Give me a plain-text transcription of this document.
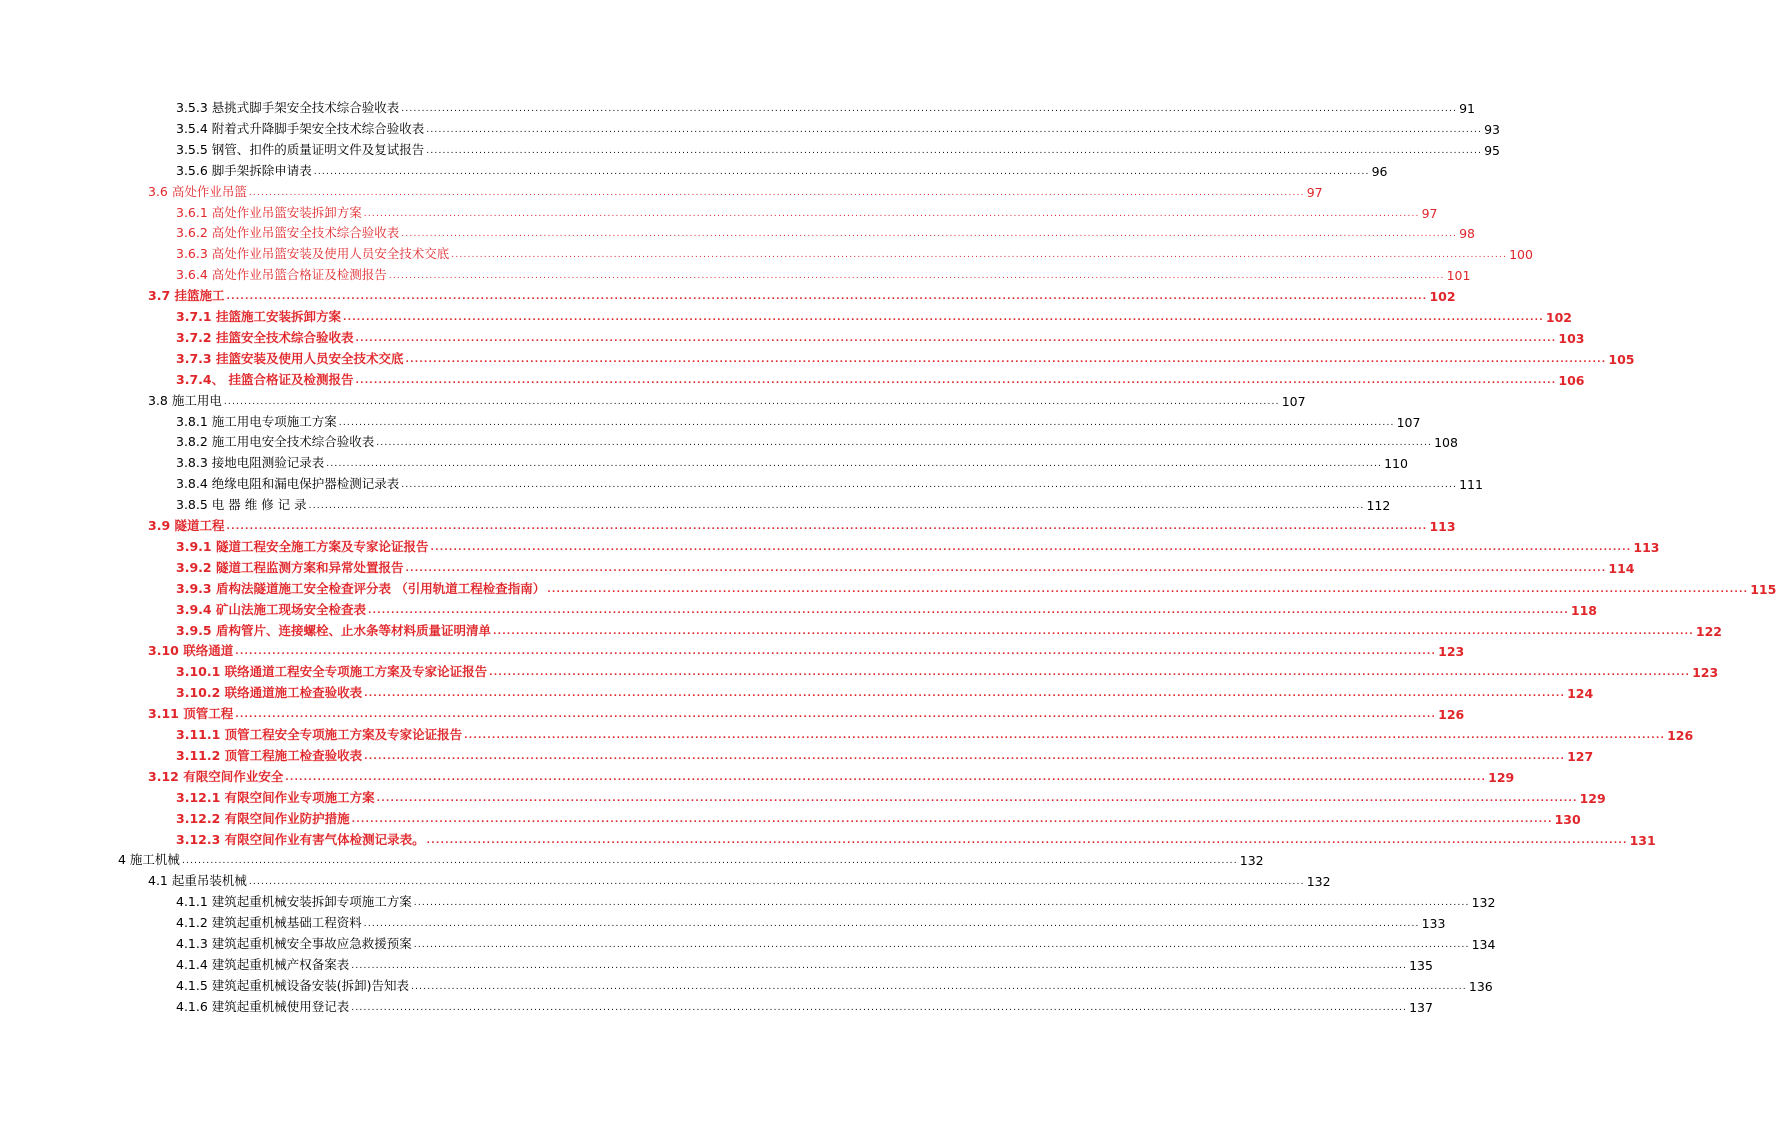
3.5.3 悬挑式脚手架安全技术综合验收表 .................................................................................................................................................................................................................................................................... 91
3.5.4 附着式升降脚手架安全技术综合验收表 .................................................................................................................................................................................................................................................................... 93
3.5.5 钢管、扣件的质量证明文件及复试报告 .................................................................................................................................................................................................................................................................... 95
3.5.6 脚手架拆除申请表 .................................................................................................................................................................................................................................................................... 96
3.6 高处作业吊篮 .................................................................................................................................................................................................................................................................... 97
3.6.1 高处作业吊篮安装拆卸方案 .................................................................................................................................................................................................................................................................... 97
3.6.2 高处作业吊篮安全技术综合验收表 .................................................................................................................................................................................................................................................................... 98
3.6.3 高处作业吊篮安装及使用人员安全技术交底 .................................................................................................................................................................................................................................................................... 100
3.6.4 高处作业吊篮合格证及检测报告 .................................................................................................................................................................................................................................................................... 101
3.7 挂篮施工 .................................................................................................................................................................................................................................................................... 102
3.7.1 挂篮施工安装拆卸方案 .................................................................................................................................................................................................................................................................... 102
3.7.2 挂篮安全技术综合验收表 .................................................................................................................................................................................................................................................................... 103
3.7.3 挂篮安装及使用人员安全技术交底 .................................................................................................................................................................................................................................................................... 105
3.7.4、 挂篮合格证及检测报告 .................................................................................................................................................................................................................................................................... 106
3.8 施工用电 .................................................................................................................................................................................................................................................................... 107
3.8.1 施工用电专项施工方案 .................................................................................................................................................................................................................................................................... 107
3.8.2 施工用电安全技术综合验收表 .................................................................................................................................................................................................................................................................... 108
3.8.3 接地电阻测验记录表 .................................................................................................................................................................................................................................................................... 110
3.8.4 绝缘电阻和漏电保护器检测记录表 .................................................................................................................................................................................................................................................................... 111
3.8.5 电 器 维 修 记 录 .................................................................................................................................................................................................................................................................... 112
3.9 隧道工程 .................................................................................................................................................................................................................................................................... 113
3.9.1 隧道工程安全施工方案及专家论证报告 .................................................................................................................................................................................................................................................................... 113
3.9.2 隧道工程监测方案和异常处置报告 .................................................................................................................................................................................................................................................................... 114
3.9.3 盾构法隧道施工安全检查评分表 （引用轨道工程检查指南） .................................................................................................................................................................................................................................................................... 115
3.9.4 矿山法施工现场安全检查表 .................................................................................................................................................................................................................................................................... 118
3.9.5 盾构管片、连接螺栓、止水条等材料质量证明清单 .................................................................................................................................................................................................................................................................... 122
3.10 联络通道 .................................................................................................................................................................................................................................................................... 123
3.10.1 联络通道工程安全专项施工方案及专家论证报告 .................................................................................................................................................................................................................................................................... 123
3.10.2 联络通道施工检查验收表 .................................................................................................................................................................................................................................................................... 124
3.11 顶管工程 .................................................................................................................................................................................................................................................................... 126
3.11.1 顶管工程安全专项施工方案及专家论证报告 .................................................................................................................................................................................................................................................................... 126
3.11.2 顶管工程施工检查验收表 .................................................................................................................................................................................................................................................................... 127
3.12 有限空间作业安全 .................................................................................................................................................................................................................................................................... 129
3.12.1 有限空间作业专项施工方案 .................................................................................................................................................................................................................................................................... 129
3.12.2 有限空间作业防护措施 .................................................................................................................................................................................................................................................................... 130
3.12.3 有限空间作业有害气体检测记录表。 .................................................................................................................................................................................................................................................................... 131
4 施工机械 .................................................................................................................................................................................................................................................................... 132
4.1 起重吊装机械 .................................................................................................................................................................................................................................................................... 132
4.1.1 建筑起重机械安装拆卸专项施工方案 .................................................................................................................................................................................................................................................................... 132
4.1.2 建筑起重机械基础工程资料 .................................................................................................................................................................................................................................................................... 133
4.1.3 建筑起重机械安全事故应急救援预案 .................................................................................................................................................................................................................................................................... 134
4.1.4 建筑起重机械产权备案表 .................................................................................................................................................................................................................................................................... 135
4.1.5 建筑起重机械设备安装(拆卸)告知表 .................................................................................................................................................................................................................................................................... 136
4.1.6 建筑起重机械使用登记表 .................................................................................................................................................................................................................................................................... 137
